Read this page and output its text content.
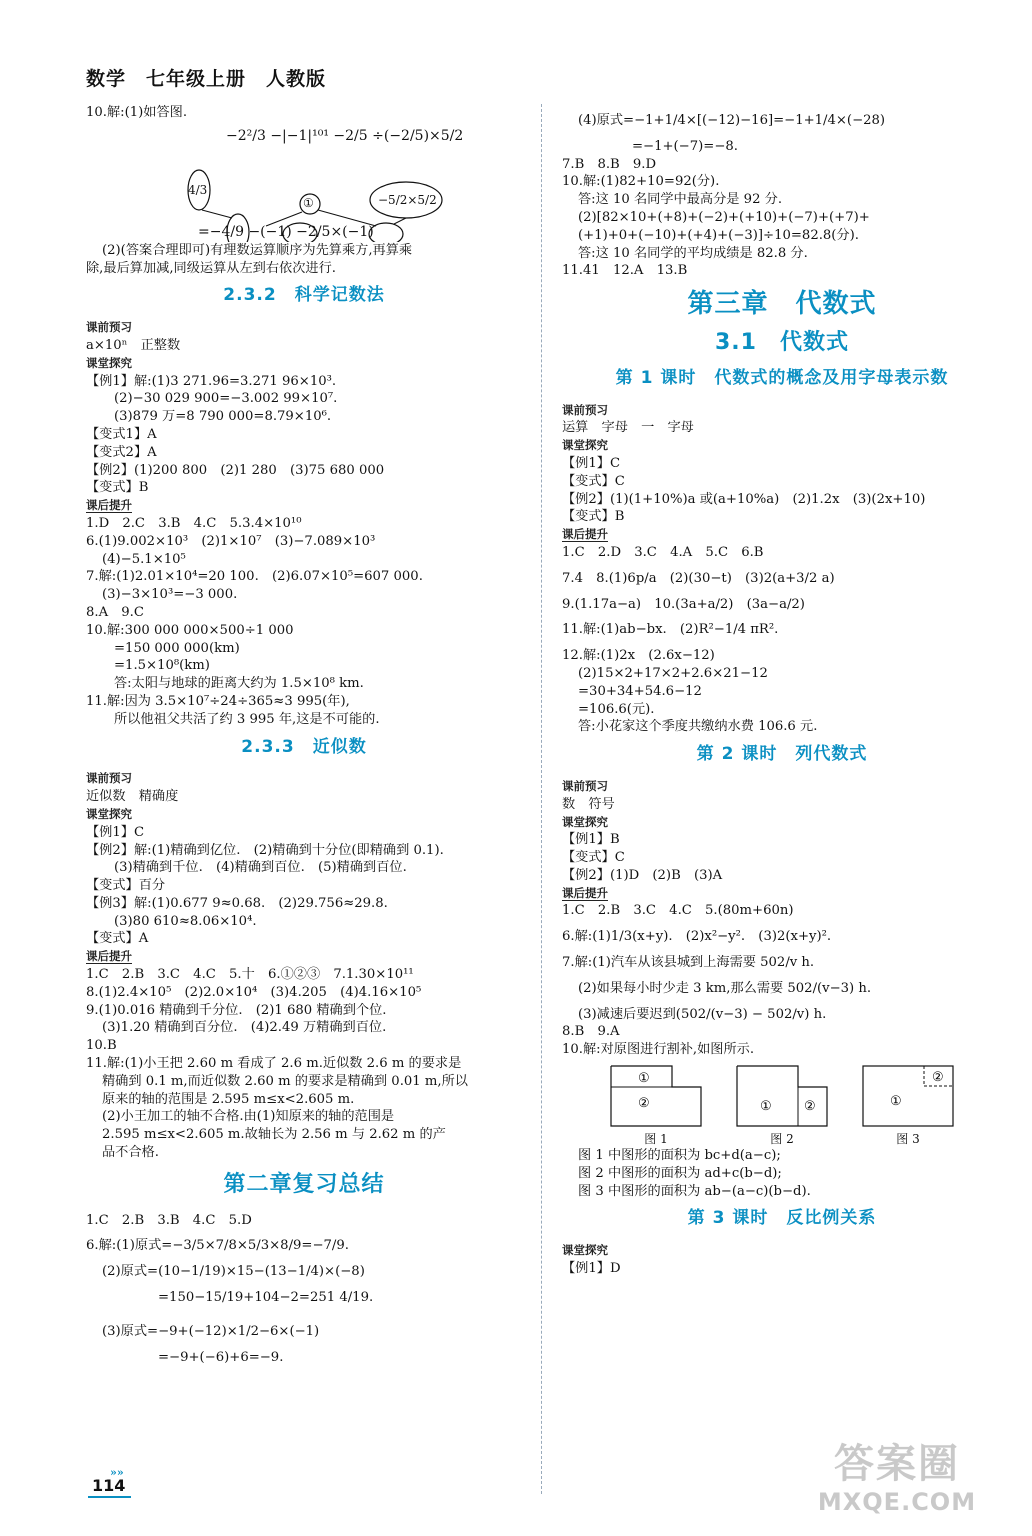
数学　七年级上册　人教版
10.解:(1)如答图.
−2²/3 −|−1|¹⁰¹ −2/5 ÷(−2/5)×5/2
4/3
①	−5/2×5/2
=−4/9 −(−1) −2/5×(−1)
(2)(答案合理即可)有理数运算顺序为先算乘方,再算乘
除,最后算加减,同级运算从左到右依次进行.
2.3.2　科学记数法
课前预习
a×10ⁿ　正整数
课堂探究
【例1】解:(1)3 271.96=3.271 96×10³.
(2)−30 029 900=−3.002 99×10⁷.
(3)879 万=8 790 000=8.79×10⁶.
【变式1】A
【变式2】A
【例2】(1)200 800　(2)1 280　(3)75 680 000
【变式】B
课后提升
1.D　2.C　3.B　4.C　5.3.4×10¹⁰
6.(1)9.002×10³　(2)1×10⁷　(3)−7.089×10³
(4)−5.1×10⁵
7.解:(1)2.01×10⁴=20 100.　(2)6.07×10⁵=607 000.
(3)−3×10³=−3 000.
8.A　9.C
10.解:300 000 000×500÷1 000
=150 000 000(km)
=1.5×10⁸(km)
答:太阳与地球的距离大约为 1.5×10⁸ km.
11.解:因为 3.5×10⁷÷24÷365≈3 995(年),
所以他祖父共活了约 3 995 年,这是不可能的.
2.3.3　近似数
课前预习
近似数　精确度
课堂探究
【例1】C
【例2】解:(1)精确到亿位.　(2)精确到十分位(即精确到 0.1).
(3)精确到千位.　(4)精确到百位.　(5)精确到百位.
【变式】百分
【例3】解:(1)0.677 9≈0.68.　(2)29.756≈29.8.
(3)80 610≈8.06×10⁴.
【变式】A
课后提升
1.C　2.B　3.C　4.C　5.十　6.①②③　7.1.30×10¹¹
8.(1)2.4×10⁵　(2)2.0×10⁴　(3)4.205　(4)4.16×10⁵
9.(1)0.016 精确到千分位.　(2)1 680 精确到个位.
(3)1.20 精确到百分位.　(4)2.49 万精确到百位.
10.B
11.解:(1)小王把 2.60 m 看成了 2.6 m.近似数 2.6 m 的要求是
精确到 0.1 m,而近似数 2.60 m 的要求是精确到 0.01 m,所以
原来的轴的范围是 2.595 m≤x<2.605 m.
(2)小王加工的轴不合格.由(1)知原来的轴的范围是
2.595 m≤x<2.605 m.故轴长为 2.56 m 与 2.62 m 的产
品不合格.
第二章复习总结
1.C　2.B　3.B　4.C　5.D
6.解:(1)原式=−3/5×7/8×5/3×8/9=−7/9.
(2)原式=(10−1/19)×15−(13−1/4)×(−8)
=150−15/19+104−2=251 4/19.
(3)原式=−9+(−12)×1/2−6×(−1)
=−9+(−6)+6=−9.
(4)原式=−1+1/4×[(−12)−16]=−1+1/4×(−28)
=−1+(−7)=−8.
7.B　8.B　9.D
10.解:(1)82+10=92(分).
答:这 10 名同学中最高分是 92 分.
(2)[82×10+(+8)+(−2)+(+10)+(−7)+(+7)+
(+1)+0+(−10)+(+4)+(−3)]÷10=82.8(分).
答:这 10 名同学的平均成绩是 82.8 分.
11.41　12.A　13.B
第三章　代数式
3.1　代数式
第 1 课时　代数式的概念及用字母表示数
课前预习
运算　字母　一　字母
课堂探究
【例1】C
【变式】C
【例2】(1)(1+10%)a 或(a+10%a)　(2)1.2x　(3)(2x+10)
【变式】B
课后提升
1.C　2.D　3.C　4.A　5.C　6.B
7.4　8.(1)6p/a　(2)(30−t)　(3)2(a+3/2 a)
9.(1.17a−a)　10.(3a+a/2)　(3a−a/2)
11.解:(1)ab−bx.　(2)R²−1/4 πR².
12.解:(1)2x　(2.6x−12)
(2)15×2+17×2+2.6×21−12
=30+34+54.6−12
=106.6(元).
答:小花家这个季度共缴纳水费 106.6 元.
第 2 课时　列代数式
课前预习
数　符号
课堂探究
【例1】B
【变式】C
【例2】(1)D　(2)B　(3)A
课后提升
1.C　2.B　3.C　4.C　5.(80m+60n)
6.解:(1)1/3(x+y).　(2)x²−y².　(3)2(x+y)².
7.解:(1)汽车从该县城到上海需要 502/v h.
(2)如果每小时少走 3 km,那么需要 502/(v−3) h.
(3)减速后要迟到(502/(v−3) − 502/v) h.
8.B　9.A
10.解:对原图进行割补,如图所示.
①
②
图 1
① ②
图 2
①
②
图 3
图 1 中图形的面积为 bc+d(a−c);
图 2 中图形的面积为 ad+c(b−d);
图 3 中图形的面积为 ab−(a−c)(b−d).
第 3 课时　反比例关系
课堂探究
【例1】D
»»
114	答案圈
MXQE.COM
